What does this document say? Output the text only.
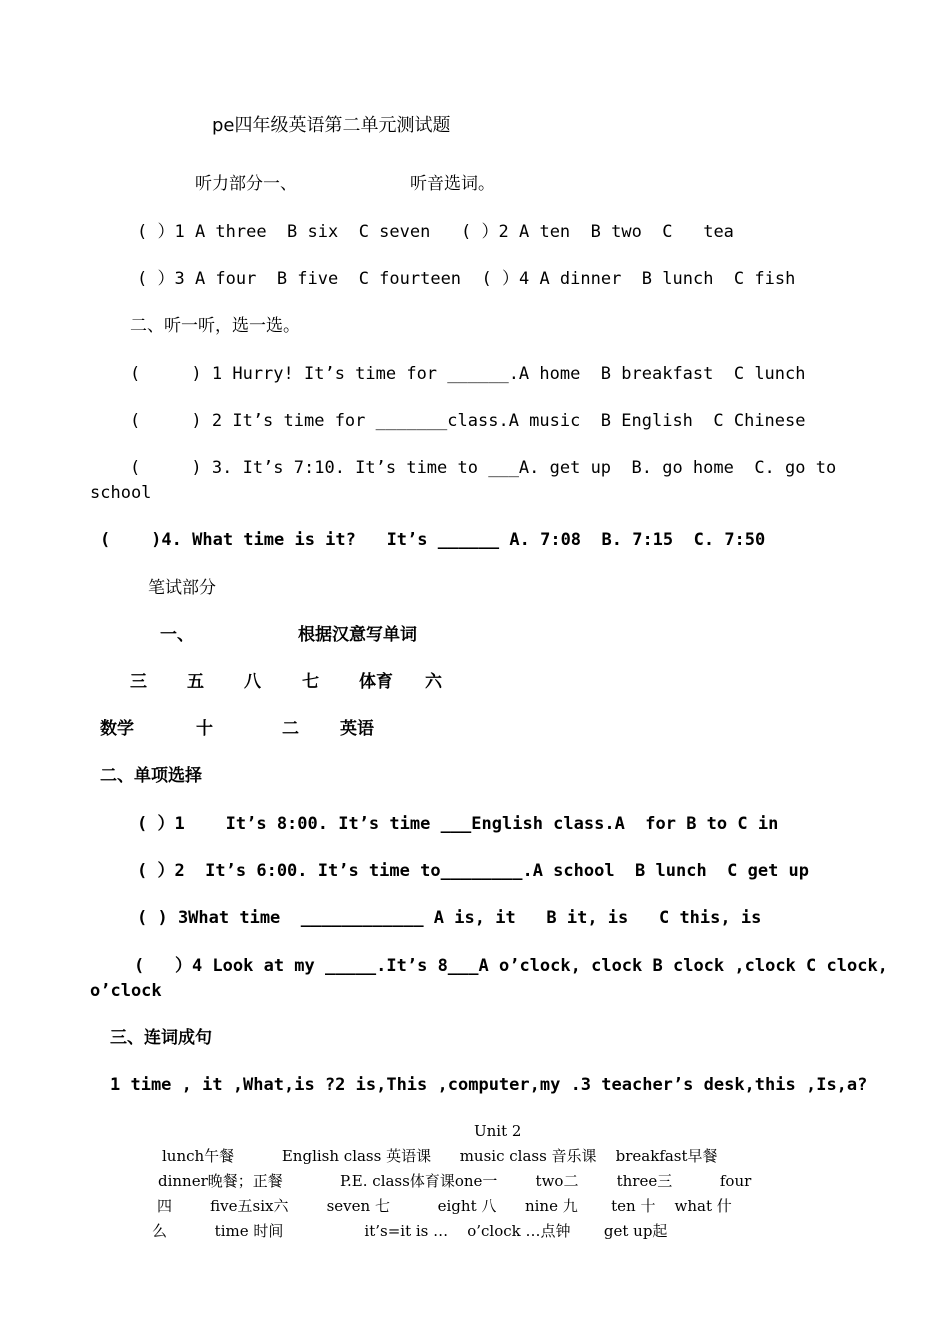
pe四年级英语第二单元测试题
听力部分一、	听音选词。
( ）1 A three  B six  C seven   ( ）2 A ten  B two  C   tea
( ）3 A four  B five  C fourteen  ( ）4 A dinner  B lunch  C fish
二、听一听，选一选。
(     ) 1 Hurry! It’s time for ______.A home  B breakfast  C lunch
(     ) 2 It’s time for _______class.A music  B English  C Chinese
(     ) 3. It’s 7:10. It’s time to ___A. get up  B. go home  C. go to
school
(    )4. What time is it?   It’s ______ A. 7:08  B. 7:15  C. 7:50
笔试部分
一、	根据汉意写单词
三 五 八 七 体育 六
数学	十	二 英语
二、单项选择
( ）1    It’s 8:00. It’s time ___English class.A  for B to C in
( ）2  It’s 6:00. It’s time to________.A school  B lunch  C get up
( ) 3What time  ____________ A is, it   B it, is   C this, is
(   ）4 Look at my _____.It’s 8___A o’clock, clock B clock ,clock C clock,
o’clock
三、连词成句
1 time , it ,What,is ?2 is,This ,computer,my .3 teacher’s desk,this ,Is,a?
Unit 2
lunch午餐          English class 英语课      music class 音乐课    breakfast早餐
dinner晚餐；正餐            P.E. class体育课one一        two二        three三          four
四        five五six六        seven 七          eight 八      nine 九       ten 十    what 什
么          time 时间                 it’s=it is …    o’clock …点钟       get up起
